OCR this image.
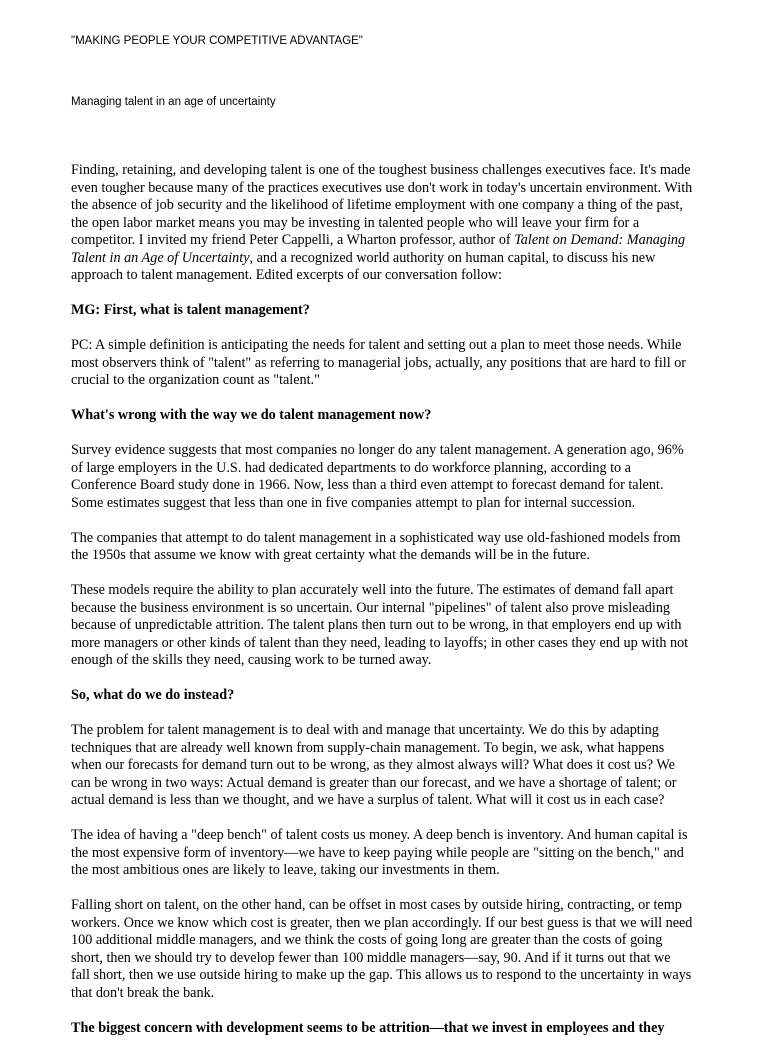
"MAKING PEOPLE YOUR COMPETITIVE ADVANTAGE"
Managing talent in an age of uncertainty
Finding, retaining, and developing talent is one of the toughest business challenges executives face. It's made
even tougher because many of the practices executives use don't work in today's uncertain environment. With
the absence of job security and the likelihood of lifetime employment with one company a thing of the past,
the open labor market means you may be investing in talented people who will leave your firm for a
competitor. I invited my friend Peter Cappelli, a Wharton professor, author of Talent on Demand: Managing
Talent in an Age of Uncertainty, and a recognized world authority on human capital, to discuss his new
approach to talent management. Edited excerpts of our conversation follow:
MG: First, what is talent management?
PC: A simple definition is anticipating the needs for talent and setting out a plan to meet those needs. While
most observers think of "talent" as referring to managerial jobs, actually, any positions that are hard to fill or
crucial to the organization count as "talent."
What's wrong with the way we do talent management now?
Survey evidence suggests that most companies no longer do any talent management. A generation ago, 96%
of large employers in the U.S. had dedicated departments to do workforce planning, according to a
Conference Board study done in 1966. Now, less than a third even attempt to forecast demand for talent.
Some estimates suggest that less than one in five companies attempt to plan for internal succession.
The companies that attempt to do talent management in a sophisticated way use old-fashioned models from
the 1950s that assume we know with great certainty what the demands will be in the future.
These models require the ability to plan accurately well into the future. The estimates of demand fall apart
because the business environment is so uncertain. Our internal "pipelines" of talent also prove misleading
because of unpredictable attrition. The talent plans then turn out to be wrong, in that employers end up with
more managers or other kinds of talent than they need, leading to layoffs; in other cases they end up with not
enough of the skills they need, causing work to be turned away.
So, what do we do instead?
The problem for talent management is to deal with and manage that uncertainty. We do this by adapting
techniques that are already well known from supply-chain management. To begin, we ask, what happens
when our forecasts for demand turn out to be wrong, as they almost always will? What does it cost us? We
can be wrong in two ways: Actual demand is greater than our forecast, and we have a shortage of talent; or
actual demand is less than we thought, and we have a surplus of talent. What will it cost us in each case?
The idea of having a "deep bench" of talent costs us money. A deep bench is inventory. And human capital is
the most expensive form of inventory—we have to keep paying while people are "sitting on the bench," and
the most ambitious ones are likely to leave, taking our investments in them.
Falling short on talent, on the other hand, can be offset in most cases by outside hiring, contracting, or temp
workers. Once we know which cost is greater, then we plan accordingly. If our best guess is that we will need
100 additional middle managers, and we think the costs of going long are greater than the costs of going
short, then we should try to develop fewer than 100 middle managers—say, 90. And if it turns out that we
fall short, then we use outside hiring to make up the gap. This allows us to respond to the uncertainty in ways
that don't break the bank.
The biggest concern with development seems to be attrition—that we invest in employees and they
